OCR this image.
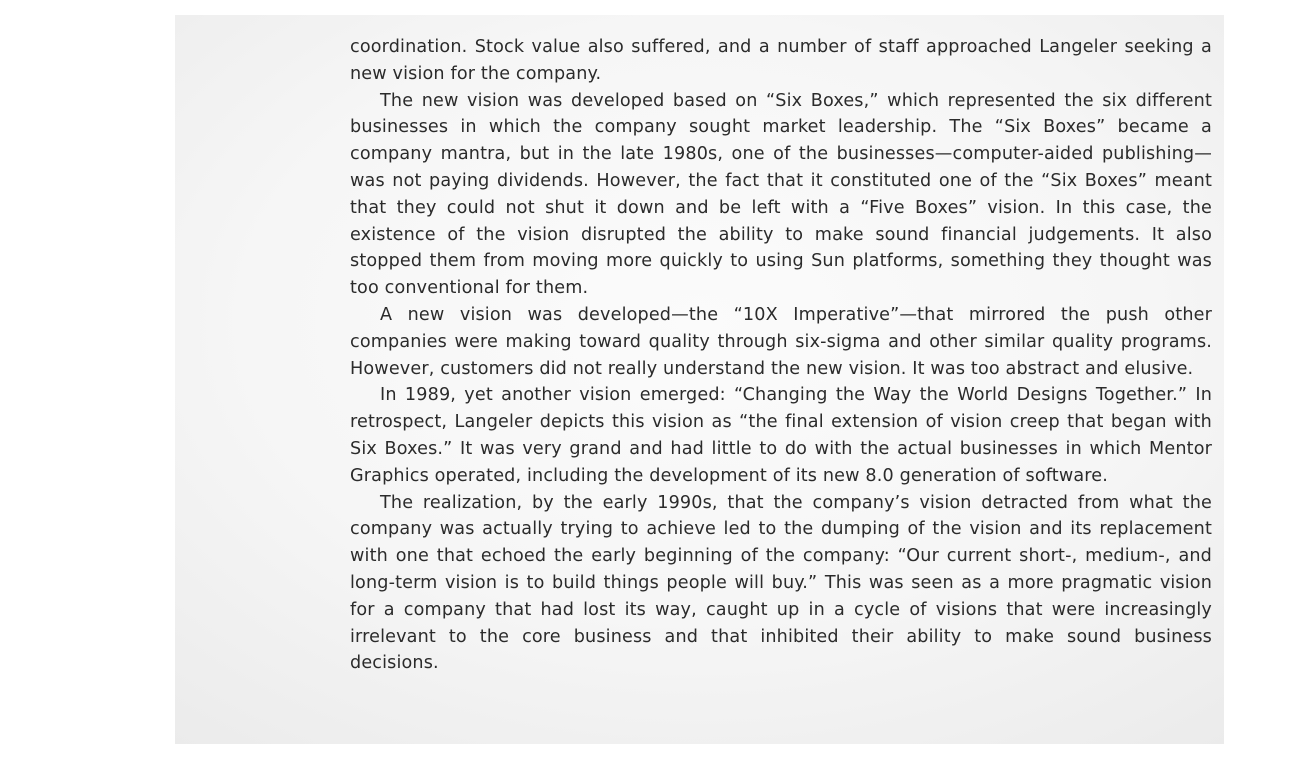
coordination. Stock value also suffered, and a number of staff approached Langeler seeking a new vision for the company.

The new vision was developed based on “Six Boxes,” which represented the six different businesses in which the company sought market leadership. The “Six Boxes” became a company mantra, but in the late 1980s, one of the businesses—computer-aided publishing—was not paying dividends. However, the fact that it constituted one of the “Six Boxes” meant that they could not shut it down and be left with a “Five Boxes” vision. In this case, the existence of the vision disrupted the ability to make sound financial judgements. It also stopped them from moving more quickly to using Sun platforms, something they thought was too conventional for them.

A new vision was developed—the “10X Imperative”—that mirrored the push other companies were making toward quality through six-sigma and other similar quality programs. However, customers did not really understand the new vision. It was too abstract and elusive.

In 1989, yet another vision emerged: “Changing the Way the World Designs Together.” In retrospect, Langeler depicts this vision as “the final extension of vision creep that began with Six Boxes.” It was very grand and had little to do with the actual businesses in which Mentor Graphics operated, including the development of its new 8.0 generation of software.

The realization, by the early 1990s, that the company’s vision detracted from what the company was actually trying to achieve led to the dumping of the vision and its replacement with one that echoed the early beginning of the company: “Our current short-, medium-, and long-term vision is to build things people will buy.” This was seen as a more pragmatic vision for a company that had lost its way, caught up in a cycle of visions that were increasingly irrelevant to the core business and that inhibited their ability to make sound business decisions.
